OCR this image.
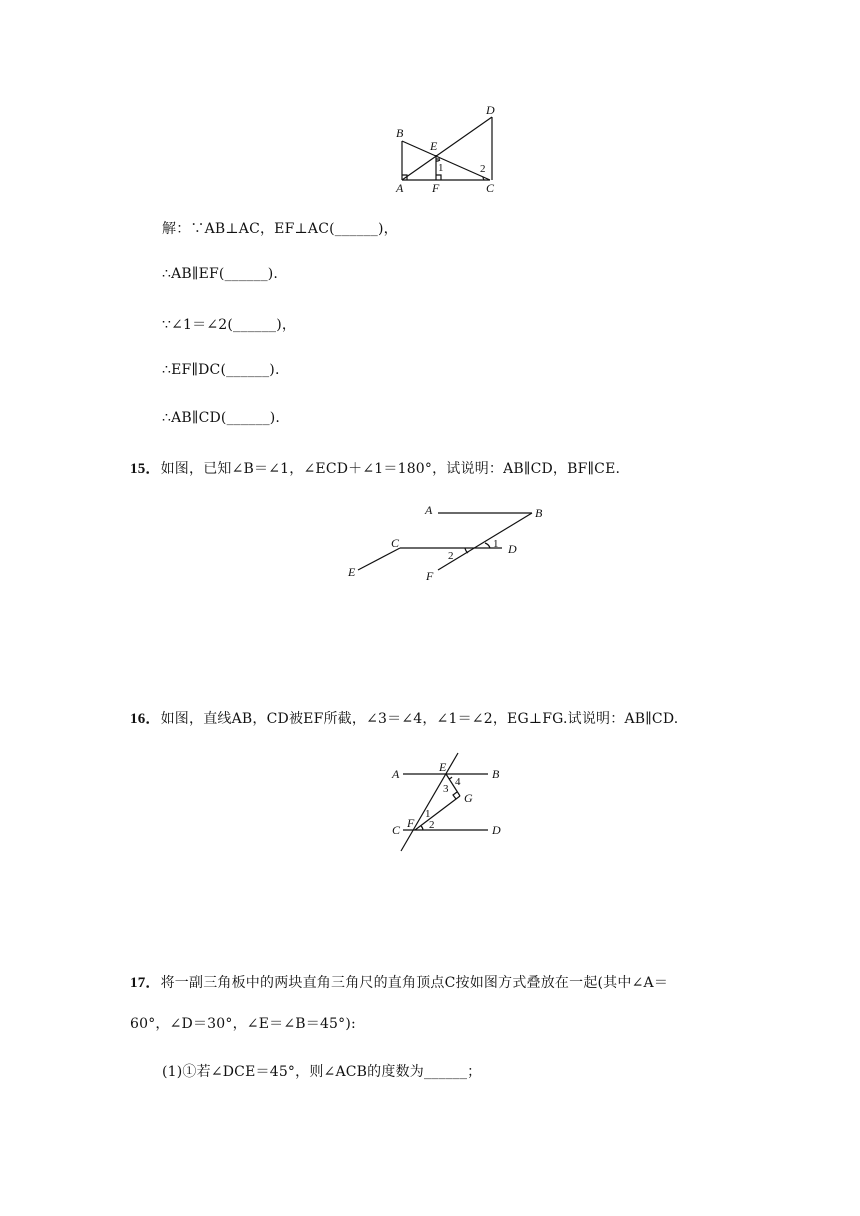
B
E
D
A F	C
1	2
解：∵AB⊥AC，EF⊥AC(______)，
∴AB∥EF(______).
∵∠1＝∠2(______)，
∴EF∥DC(______).
∴AB∥CD(______).
15．如图，已知∠B＝∠1，∠ECD＋∠1＝180°，试说明：AB∥CD，BF∥CE.
A	B
C	D
E	F
1
2
16．如图，直线AB，CD被EF所截，∠3＝∠4，∠1＝∠2，EG⊥FG.试说明：AB∥CD.
A	E	B
4
3
G
1
C F 2	D
17．将一副三角板中的两块直角三角尺的直角顶点C按如图方式叠放在一起(其中∠A＝
60°，∠D＝30°，∠E＝∠B＝45°):
(1)①若∠DCE＝45°，则∠ACB的度数为______；
